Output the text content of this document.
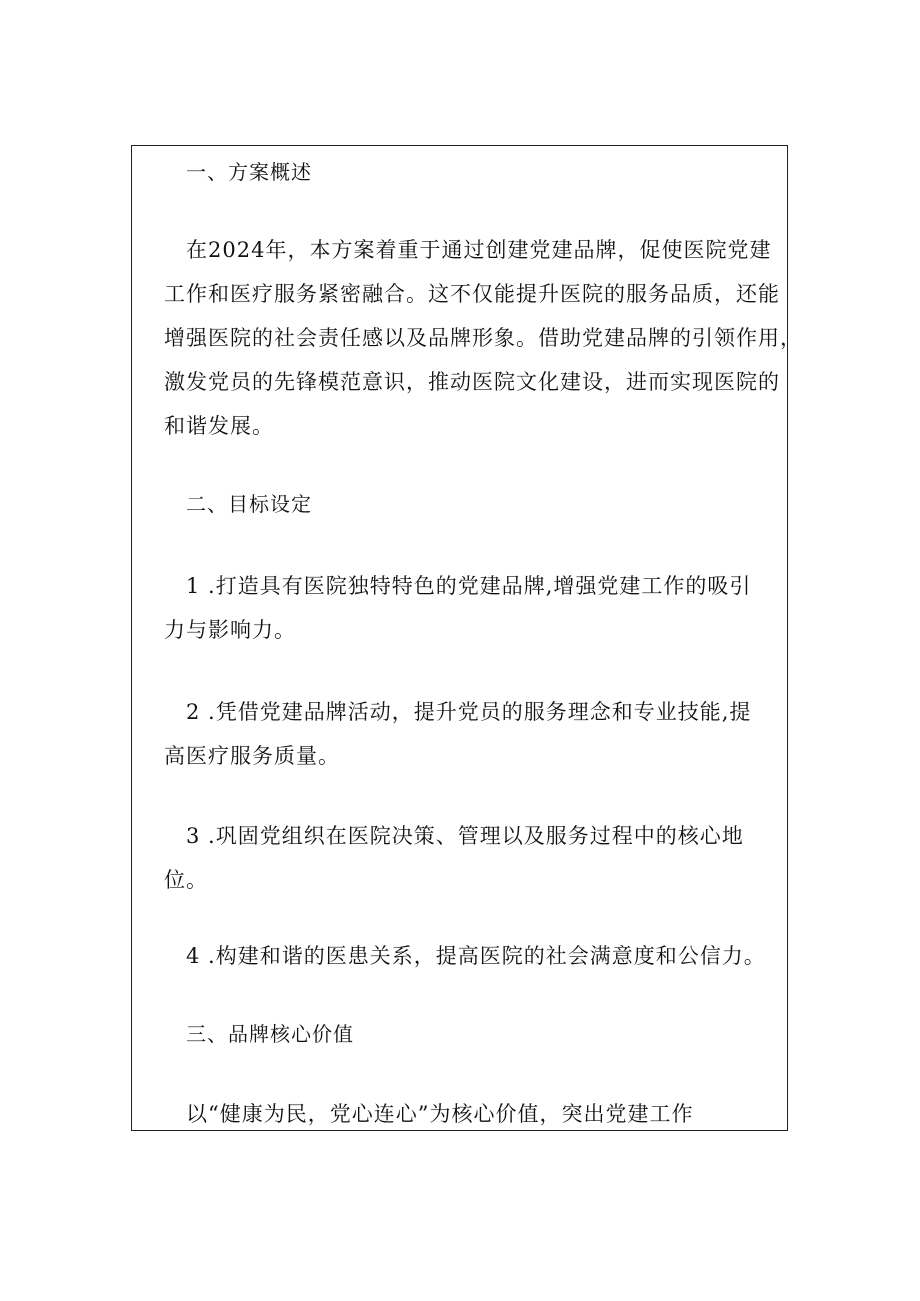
一、方案概述
在2024年，本方案着重于通过创建党建品牌，促使医院党建
工作和医疗服务紧密融合。这不仅能提升医院的服务品质，还能
增强医院的社会责任感以及品牌形象。借助党建品牌的引领作用，
激发党员的先锋模范意识，推动医院文化建设，进而实现医院的
和谐发展。
二、目标设定
1 .打造具有医院独特特色的党建品牌,增强党建工作的吸引
力与影响力。
2 .凭借党建品牌活动，提升党员的服务理念和专业技能,提
高医疗服务质量。
3 .巩固党组织在医院决策、管理以及服务过程中的核心地
位。
4 .构建和谐的医患关系，提高医院的社会满意度和公信力。
三、品牌核心价值
以“健康为民，党心连心”为核心价值，突出党建工作
